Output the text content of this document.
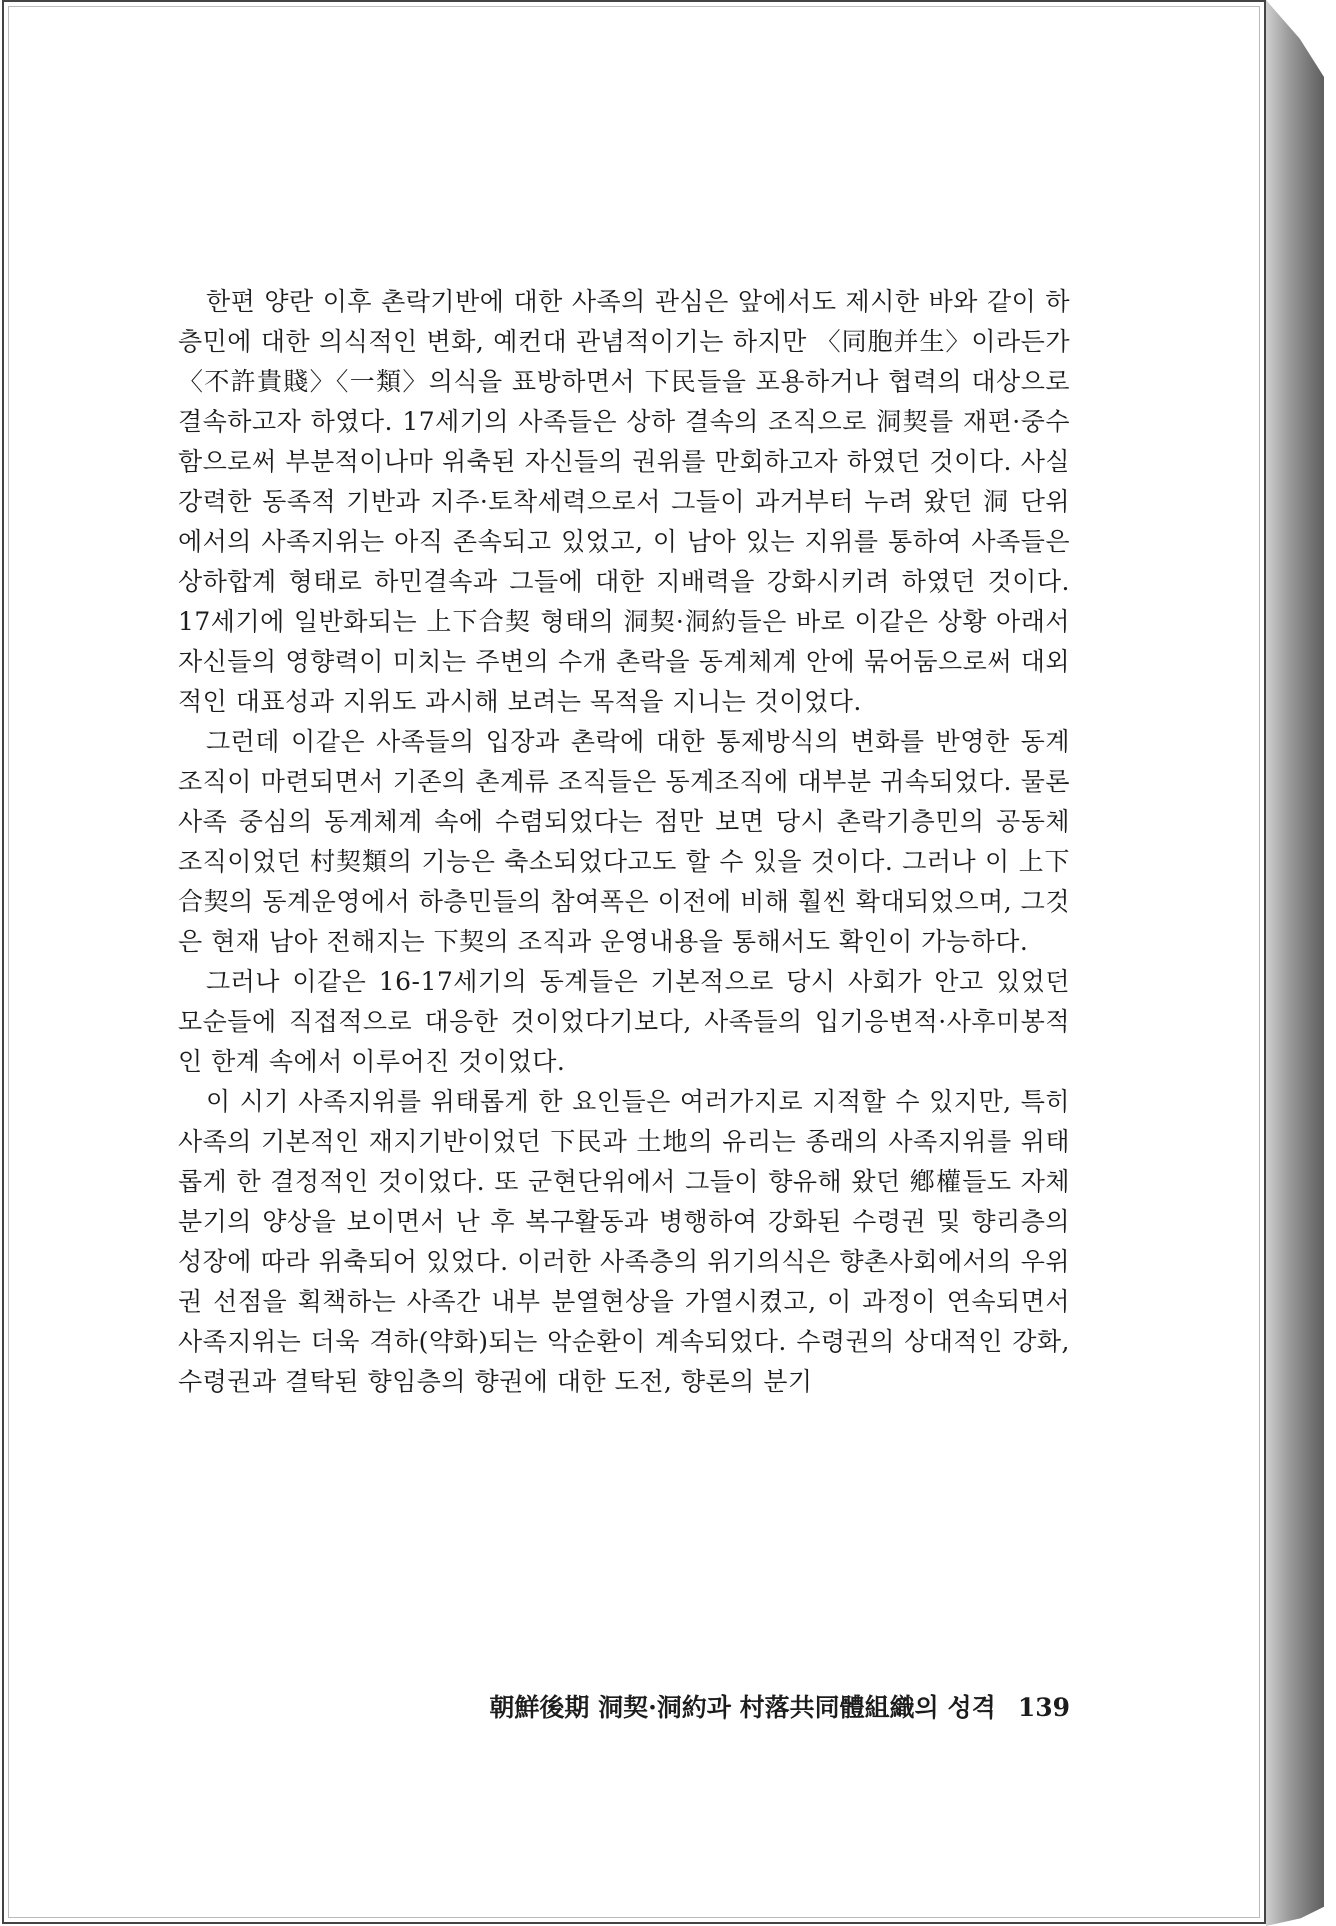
한편 양란 이후 촌락기반에 대한 사족의 관심은 앞에서도 제시한 바와 같이 하층민에 대한 의식적인 변화, 예컨대 관념적이기는 하지만 〈同胞并生〉이라든가 〈不許貴賤〉〈一類〉의식을 표방하면서 下民들을 포용하거나 협력의 대상으로 결속하고자 하였다. 17세기의 사족들은 상하 결속의 조직으로 洞契를 재편·중수함으로써 부분적이나마 위축된 자신들의 권위를 만회하고자 하였던 것이다. 사실 강력한 동족적 기반과 지주·토착세력으로서 그들이 과거부터 누려 왔던 洞 단위에서의 사족지위는 아직 존속되고 있었고, 이 남아 있는 지위를 통하여 사족들은 상하합계 형태로 하민결속과 그들에 대한 지배력을 강화시키려 하였던 것이다. 17세기에 일반화되는 上下合契 형태의 洞契·洞約들은 바로 이같은 상황 아래서 자신들의 영향력이 미치는 주변의 수개 촌락을 동계체계 안에 묶어둠으로써 대외적인 대표성과 지위도 과시해 보려는 목적을 지니는 것이었다.

그런데 이같은 사족들의 입장과 촌락에 대한 통제방식의 변화를 반영한 동계조직이 마련되면서 기존의 촌계류 조직들은 동계조직에 대부분 귀속되었다. 물론 사족 중심의 동계체계 속에 수렴되었다는 점만 보면 당시 촌락기층민의 공동체 조직이었던 村契類의 기능은 축소되었다고도 할 수 있을 것이다. 그러나 이 上下合契의 동계운영에서 하층민들의 참여폭은 이전에 비해 훨씬 확대되었으며, 그것은 현재 남아 전해지는 下契의 조직과 운영내용을 통해서도 확인이 가능하다.

그러나 이같은 16-17세기의 동계들은 기본적으로 당시 사회가 안고 있었던 모순들에 직접적으로 대응한 것이었다기보다, 사족들의 입기응변적·사후미봉적인 한계 속에서 이루어진 것이었다.

이 시기 사족지위를 위태롭게 한 요인들은 여러가지로 지적할 수 있지만, 특히 사족의 기본적인 재지기반이었던 下民과 土地의 유리는 종래의 사족지위를 위태롭게 한 결정적인 것이었다. 또 군현단위에서 그들이 향유해 왔던 鄕權들도 자체분기의 양상을 보이면서 난 후 복구활동과 병행하여 강화된 수령권 및 향리층의 성장에 따라 위축되어 있었다. 이러한 사족층의 위기의식은 향촌사회에서의 우위권 선점을 획책하는 사족간 내부 분열현상을 가열시켰고, 이 과정이 연속되면서 사족지위는 더욱 격하(약화)되는 악순환이 계속되었다. 수령권의 상대적인 강화, 수령권과 결탁된 향임층의 향권에 대한 도전, 향론의 분기

朝鮮後期 洞契·洞約과 村落共同體組織의 성격 139
